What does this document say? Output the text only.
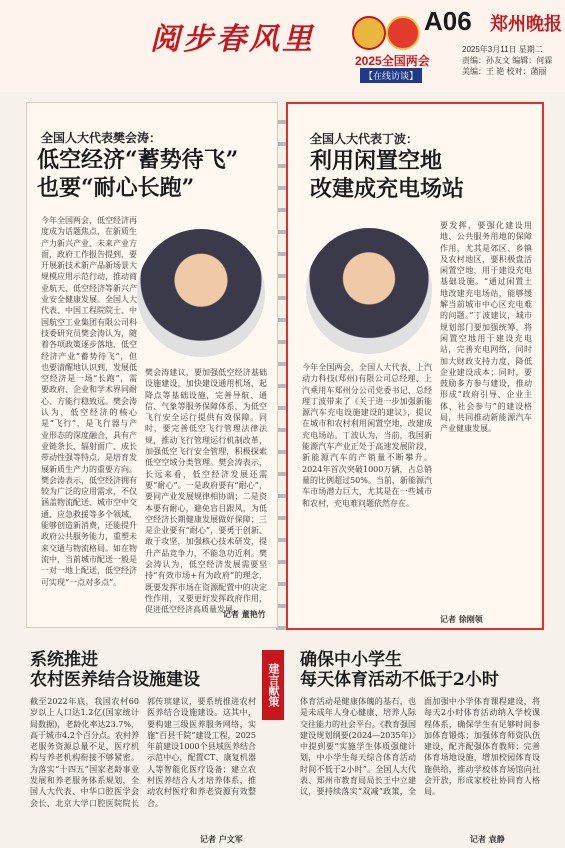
阅步春风里
2025全国两会
【在线访谈】
A06 郑州晚报
2025年3月11日 星期二
责编：孙友文 编辑：何霖
美编：王 艳 校对：菡丽
全国人大代表樊会涛：
低空经济“蓄势待飞”
也要“耐心长跑”
今年全国两会，低空经济再度成为话题焦点，在新质生产力新兴产业、未来产业方面，政府工作报告提到，要开展新技术新产品新场景大规模应用示范行动，推动商业航天、低空经济等新兴产业安全健康发展。全国人大代表、中国工程院院士、中国航空工业集团有限公司科技委研究员樊会涛认为，随着各项政策逐步落地，低空经济产业“蓄势待飞”，但也要清醒地认识到，发展低空经济是一场“长跑”，需要政府、企业和学术界同耐心、方能行稳致远。樊会涛认为，低空经济的核心是“飞行”，是飞行器与产业形态的深度融合，具有产业链条长、辐射面广、成长带动性强等特点，是培育发展新质生产力的重要方向。樊会涛表示，低空经济拥有较为广泛的应用需求，不仅涵盖物流配送、城市空中交通、应急救援等多个领域，能够创造新消费，还能提升政府公共服务能力，重塑未来交通与物流格局。如在物流中，当前城市配送一般是一对一地上配送，低空经济可实现“一点对多点”。
樊会涛建议，要加强低空经济基础设施建设，加快建设通用机场、起降点等基础设施，完善导航、通信、气象等服务保障体系，为低空飞行安全运行提供有效保障。同时，要完善低空飞行管理法律法规，推动飞行管理运行机制改革，加强低空飞行安全管理，积极探索低空空域分类管理。樊会涛表示，长远来看，低空经济发展还需要“耐心”。一是政府要有“耐心”，要同产业发展规律相协调；二是资本要有耐心，避免盲目跟风，为低空经济长期健康发展做好保障；三是企业要有“耐心”，要勇于创新、敢于攻坚，加强核心技术研发，提升产品竞争力，不能急功近利。樊会涛认为，低空经济发展需要坚持“有效市场+有为政府”的理念，既要发挥市场在资源配置中的决定性作用，又要更好发挥政府作用，促进低空经济高质量发展。
记者 董艳竹
全国人大代表丁波：
利用闲置空地
改建成充电场站
今年全国两会，全国人大代表、上汽动力科技(郑州)有限公司总经理、上汽乘用车郑州分公司党委书记、总经理丁波带来了《关于进一步加强新能源汽车充电设施建设的建议》，提议在城市和农村利用闲置空地，改建成充电场站。丁波认为，当前，我国新能源汽车产业正处于高速发展阶段，新能源汽车的产销量不断攀升。2024年首次突破1000万辆，占总销量的比例超过50%。当前，新能源汽车市场潜力巨大，尤其是在一些城市和农村，充电难问题依然存在。
要发挥，要强化建设用地、公共服务用地的保障作用，尤其是郊区、乡镇及农村地区，要积极盘活闲置空地，用于建设充电基础设施。“通过闲置土地改建充电场站，能够缓解当前城市中心区充电难的问题。”丁波建议，城市规划部门要加强统筹，将闲置空地用于建设充电站，完善充电网络，同时加大财政支持力度，降低企业建设成本；同时，要鼓励多方参与建设，推动形成“政府引导、企业主体、社会参与”的建设格局，共同推动新能源汽车产业健康发展。
记者 徐刚领
系统推进
农村医养结合设施建设
截至2022年底，我国农村60岁以上人口达1.2亿(国家统计局数据)，老龄化率达23.7%，高于城市4.2个百分点。农村养老服务资源总量不足，医疗机构与养老机构衔接不够紧密。为落实“十四五”国家老龄事业发展和养老服务体系规划，全国人大代表、中华口腔医学会会长、北京大学口腔医院院长郭传瑸建议，要系统推进农村医养结合设施建设。这其中，要构建三级医养服务网络，实施“百县千院”建设工程，2025年前建设1000个县域医养结合示范中心，配置CT、康复机器人等智能化医疗设备；建立农村医养结合人才培养体系，推动农村医疗和养老资源有效整合。
记者 户文军
建言献策
确保中小学生
每天体育活动不低于2小时
体育活动是健康体魄的基石，也是未成年人身心健康、培养人际交往能力的社会平台。《教育强国建设规划纲要(2024—2035年)》中提到要“实施学生体质强健计划，中小学生每天综合体育活动时间不低于2小时”。全国人大代表、郑州市教育局局长王中立建议，要持续落实“双减”政策，全面加强中小学体育课程建设，将每天2小时体育活动纳入学校课程体系，确保学生有足够时间参加体育锻炼；加强体育师资队伍建设，配齐配强体育教师；完善体育场地设施，增加校园体育设施供给，推动学校体育场馆向社会开放，形成家校社协同育人格局。
记者 袁静
